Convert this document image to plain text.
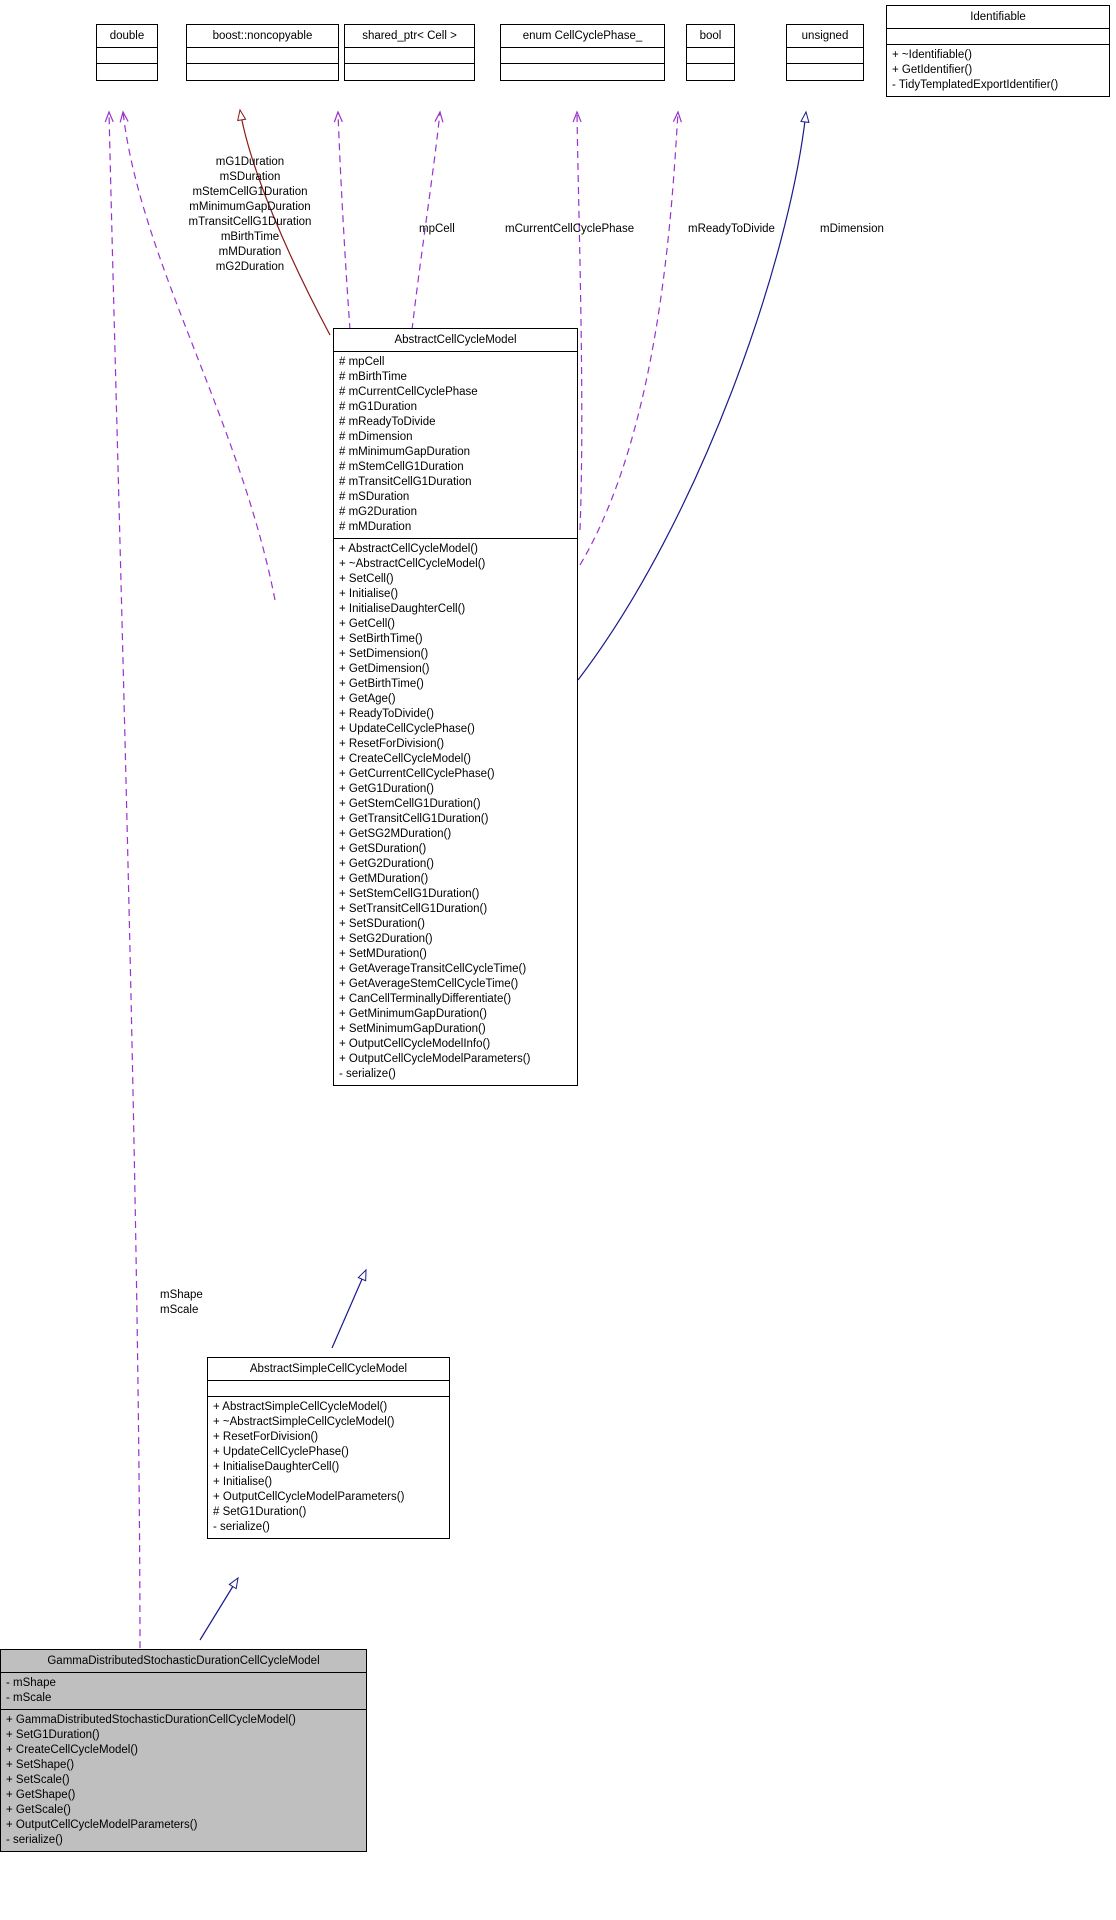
double	boost::noncopyable	shared_ptr< Cell >	enum CellCyclePhase_	bool	unsigned
Identifiable
+ ~Identifiable()
+ GetIdentifier()
- TidyTemplatedExportIdentifier()
AbstractCellCycleModel
# mpCell
# mBirthTime
# mCurrentCellCyclePhase
# mG1Duration
# mReadyToDivide
# mDimension
# mMinimumGapDuration
# mStemCellG1Duration
# mTransitCellG1Duration
# mSDuration
# mG2Duration
# mMDuration
+ AbstractCellCycleModel()
+ ~AbstractCellCycleModel()
+ SetCell()
+ Initialise()
+ InitialiseDaughterCell()
+ GetCell()
+ SetBirthTime()
+ SetDimension()
+ GetDimension()
+ GetBirthTime()
+ GetAge()
+ ReadyToDivide()
+ UpdateCellCyclePhase()
+ ResetForDivision()
+ CreateCellCycleModel()
+ GetCurrentCellCyclePhase()
+ GetG1Duration()
+ GetStemCellG1Duration()
+ GetTransitCellG1Duration()
+ GetSG2MDuration()
+ GetSDuration()
+ GetG2Duration()
+ GetMDuration()
+ SetStemCellG1Duration()
+ SetTransitCellG1Duration()
+ SetSDuration()
+ SetG2Duration()
+ SetMDuration()
+ GetAverageTransitCellCycleTime()
+ GetAverageStemCellCycleTime()
+ CanCellTerminallyDifferentiate()
+ GetMinimumGapDuration()
+ SetMinimumGapDuration()
+ OutputCellCycleModelInfo()
+ OutputCellCycleModelParameters()
- serialize()
AbstractSimpleCellCycleModel
+ AbstractSimpleCellCycleModel()
+ ~AbstractSimpleCellCycleModel()
+ ResetForDivision()
+ UpdateCellCyclePhase()
+ InitialiseDaughterCell()
+ Initialise()
+ OutputCellCycleModelParameters()
# SetG1Duration()
- serialize()
GammaDistributedStochasticDurationCellCycleModel
- mShape
- mScale
+ GammaDistributedStochasticDurationCellCycleModel()
+ SetG1Duration()
+ CreateCellCycleModel()
+ SetShape()
+ SetScale()
+ GetShape()
+ GetScale()
+ OutputCellCycleModelParameters()
- serialize()
mG1Duration
mSDuration
mStemCellG1Duration
mMinimumGapDuration
mTransitCellG1Duration
mBirthTime
mMDuration
mG2Duration
mpCell	mCurrentCellCyclePhase	mReadyToDivide	mDimension
mShape
mScale
